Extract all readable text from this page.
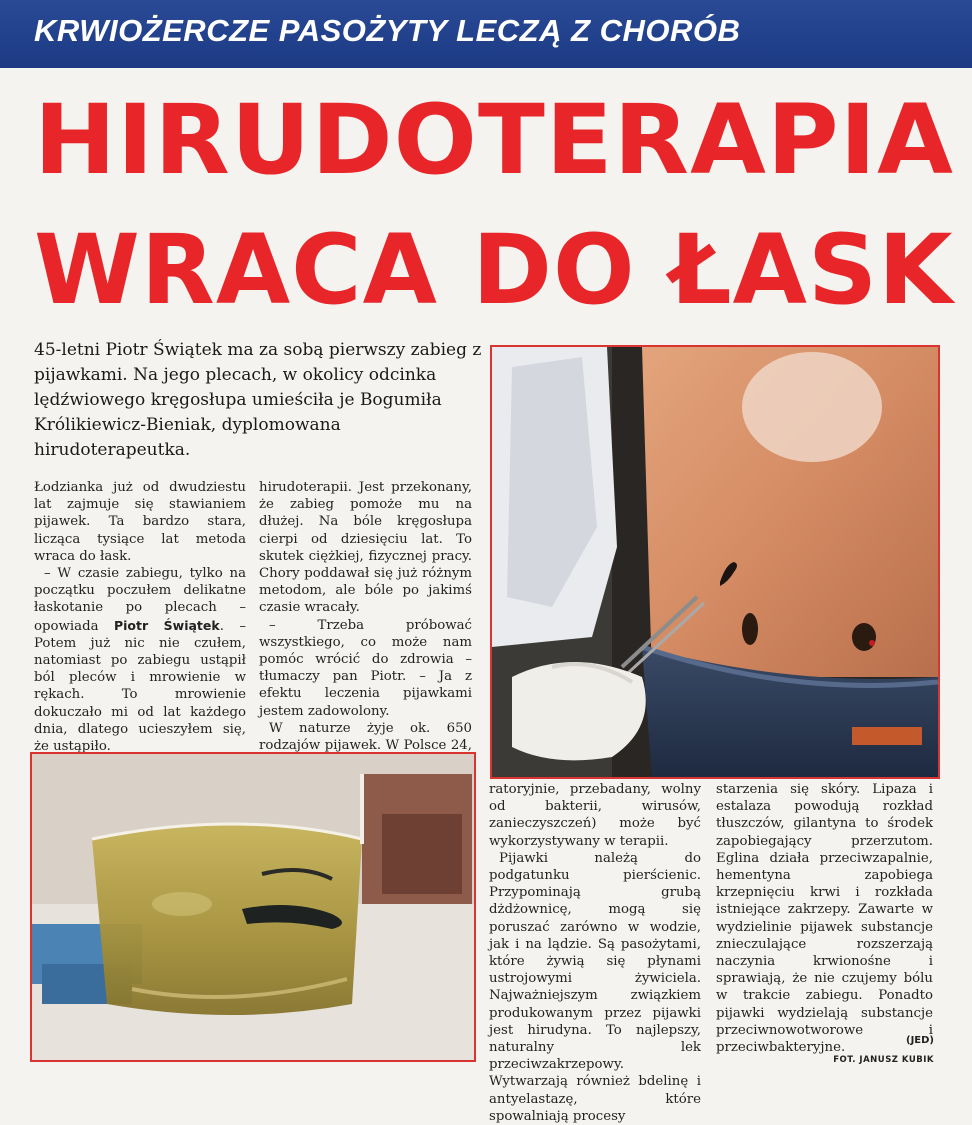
KRWIOŻERCZE PASOŻYTY LECZĄ Z CHORÓB
HIRUDOTERAPIA
WRACA DO ŁASK
45-letni Piotr Świątek ma za sobą pierwszy zabieg z pijawkami. Na jego plecach, w okolicy odcinka lędźwiowego kręgosłupa umieściła je Bogumiła Królikiewicz-Bieniak, dyplomowana hirudoterapeutka.

Łodzianka już od dwudziestu lat zajmuje się stawianiem pijawek. Ta bardzo stara, licząca tysiące lat metoda wraca do łask.

– W czasie zabiegu, tylko na początku poczułem delikatne łaskotanie po plecach – opowiada Piotr Świątek. – Potem już nic nie czułem, natomiast po zabiegu ustąpił ból pleców i mrowienie w rękach. To mrowienie dokuczało mi od lat każdego dnia, dlatego ucieszyłem się, że ustąpiło.

hirudoterapii. Jest przekonany, że zabieg pomoże mu na dłużej. Na bóle kręgosłupa cierpi od dziesięciu lat. To skutek ciężkiej, fizycznej pracy. Chory poddawał się już różnym metodom, ale bóle po jakimś czasie wracały.

– Trzeba próbować wszystkiego, co może nam pomóc wrócić do zdrowia – tłumaczy pan Piotr. – Ja z efektu leczenia pijawkami jestem zadowolony.

W naturze żyje ok. 650 rodzajów pijawek. W Polsce 24,

ratoryjnie, przebadany, wolny od bakterii, wirusów, zanieczyszczeń) może być wykorzystywany w terapii.

Pijawki należą do podgatunku pierścienic. Przypominają grubą dżdżownicę, mogą się poruszać zarówno w wodzie, jak i na lądzie. Są pasożytami, które żywią się płynami ustrojowymi żywiciela. Najważniejszym związkiem produkowanym przez pijawki jest hirudyna. To najlepszy, naturalny lek przeciwzakrzepowy. Wytwarzają również bdelinę i antyelastazę, które spowalniają procesy

starzenia się skóry. Lipaza i estalaza powodują rozkład tłuszczów, gilantyna to środek zapobiegający przerzutom. Eglina działa przeciwzapalnie, hementyna zapobiega krzepnięciu krwi i rozkłada istniejące zakrzepy. Zawarte w wydzielinie pijawek substancje znieczulające rozszerzają naczynia krwionośne i sprawiają, że nie czujemy bólu w trakcie zabiegu. Ponadto pijawki wydzielają substancje przeciwnowotworowe i przeciwbakteryjne.	(JED)
FOT. JANUSZ KUBIK
